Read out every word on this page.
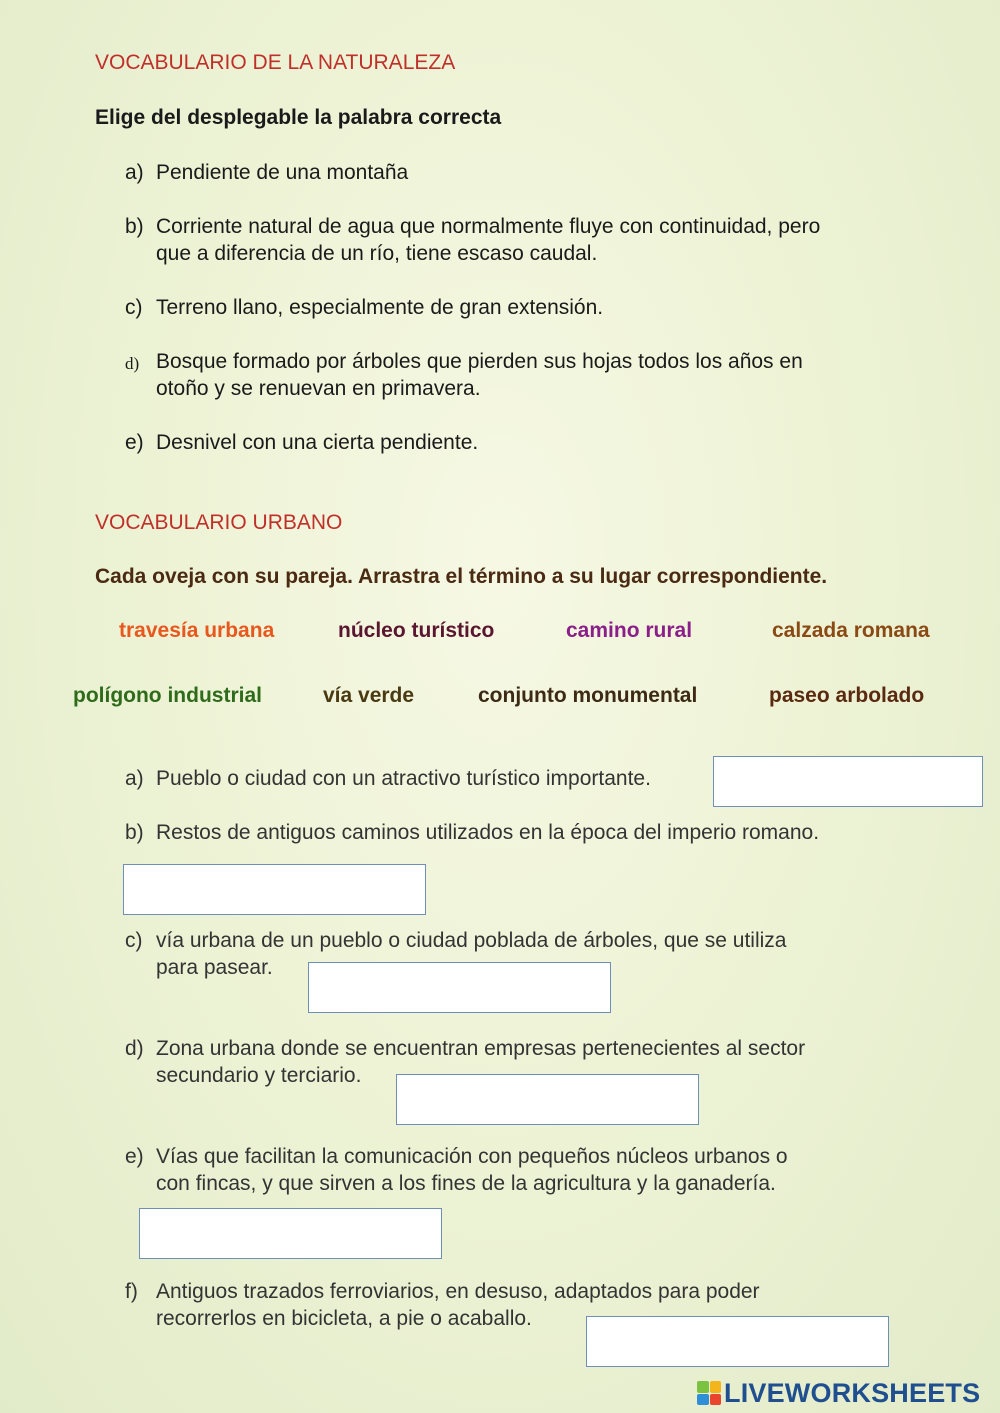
VOCABULARIO DE LA NATURALEZA
Elige del desplegable la palabra correcta
a) Pendiente de una montaña
b) Corriente natural de agua que normalmente fluye con continuidad, pero
que a diferencia de un río, tiene escaso caudal.
c) Terreno llano, especialmente de gran extensión.
d) Bosque formado por árboles que pierden sus hojas todos los años en
otoño y se renuevan en primavera.
e) Desnivel con una cierta pendiente.
VOCABULARIO URBANO
Cada oveja con su pareja. Arrastra el término a su lugar correspondiente.
travesía urbana	núcleo turístico	camino rural	calzada romana
polígono industrial	vía verde	conjunto monumental	paseo arbolado
a) Pueblo o ciudad con un atractivo turístico importante.
b) Restos de antiguos caminos utilizados en la época del imperio romano.
c) vía urbana de un pueblo o ciudad poblada de árboles, que se utiliza
para pasear.
d) Zona urbana donde se encuentran empresas pertenecientes al sector
secundario y terciario.
e) Vías que facilitan la comunicación con pequeños núcleos urbanos o
con fincas, y que sirven a los fines de la agricultura y la ganadería.
f) Antiguos trazados ferroviarios, en desuso, adaptados para poder
recorrerlos en bicicleta, a pie o acaballo.
LIVEWORKSHEETS
